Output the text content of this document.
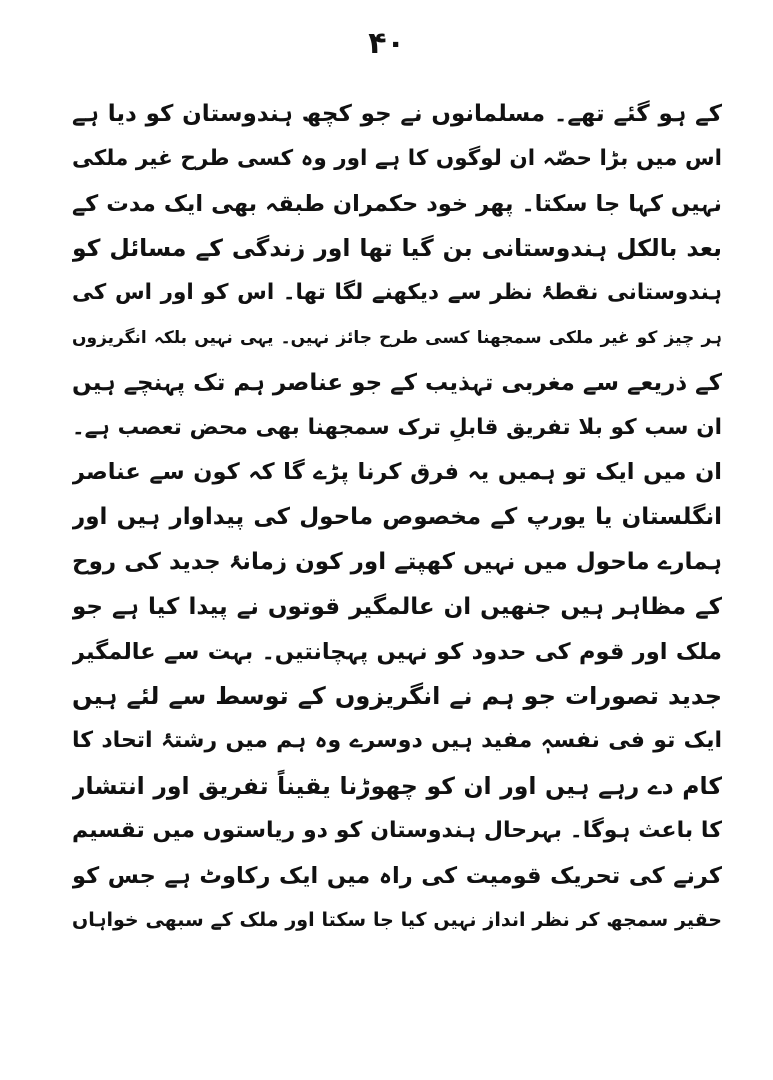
۴۰
کے ہو گئے تھے۔ مسلمانوں نے جو کچھ ہندوستان کو دیا ہے
اس میں بڑا حصّہ ان لوگوں کا ہے اور وہ کسی طرح غیر ملکی
نہیں کہا جا سکتا۔ پھر خود حکمران طبقہ بھی ایک مدت کے
بعد بالکل ہندوستانی بن گیا تھا اور زندگی کے مسائل کو
ہندوستانی نقطۂ نظر سے دیکھنے لگا تھا۔ اس کو اور اس کی
ہر چیز کو غیر ملکی سمجھنا کسی طرح جائز نہیں۔ یہی نہیں بلکہ انگریزوں
کے ذریعے سے مغربی تہذیب کے جو عناصر ہم تک پہنچے ہیں
ان سب کو بلا تفریق قابلِ ترک سمجھنا بھی محض تعصب ہے۔
ان میں ایک تو ہمیں یہ فرق کرنا پڑے گا کہ کون سے عناصر
انگلستان یا یورپ کے مخصوص ماحول کی پیداوار ہیں اور
ہمارے ماحول میں نہیں کھپتے اور کون زمانۂ جدید کی روح
کے مظاہر ہیں جنھیں ان عالمگیر قوتوں نے پیدا کیا ہے جو
ملک اور قوم کی حدود کو نہیں پہچانتیں۔ بہت سے عالمگیر
جدید تصورات جو ہم نے انگریزوں کے توسط سے لئے ہیں
ایک تو فی نفسہٖ مفید ہیں دوسرے وہ ہم میں رشتۂ اتحاد کا
کام دے رہے ہیں اور ان کو چھوڑنا یقیناً تفریق اور انتشار
کا باعث ہوگا۔ بہرحال ہندوستان کو دو ریاستوں میں تقسیم
کرنے کی تحریک قومیت کی راہ میں ایک رکاوٹ ہے جس کو
حقیر سمجھ کر نظر انداز نہیں کیا جا سکتا اور ملک کے سبھی خواہاں
